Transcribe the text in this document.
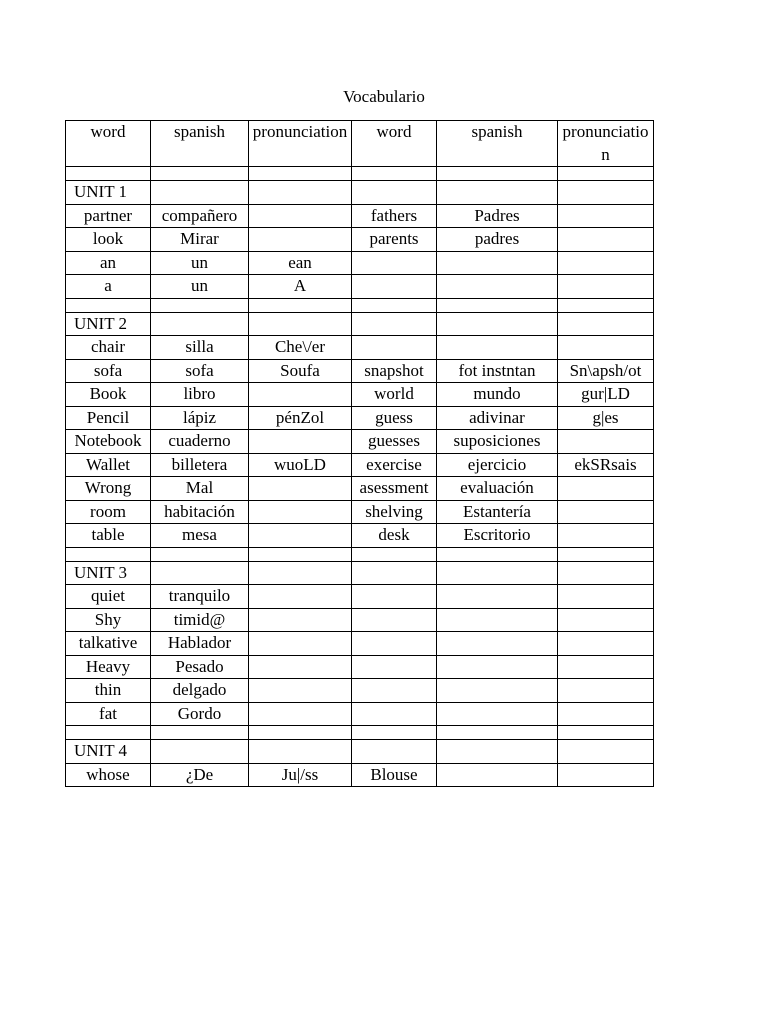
Vocabulario
word	spanish	pronunciation	word	spanish	pronunciation

UNIT 1					
partner	compañero		fathers	Padres	
look	Mirar		parents	padres	
an	un	ean			
a	un	A			

UNIT 2					
chair	silla	Che\/er			
sofa	sofa	Soufa	snapshot	fot instntan	Sn\apsh/ot
Book	libro		world	mundo	gur|LD
Pencil	lápiz	pénZol	guess	adivinar	g|es
Notebook	cuaderno		guesses	suposiciones	
Wallet	billetera	wuoLD	exercise	ejercicio	ekSRsais
Wrong	Mal		asessment	evaluación	
room	habitación		shelving	Estantería	
table	mesa		desk	Escritorio	

UNIT 3					
quiet	tranquilo				
Shy	timid@				
talkative	Hablador				
Heavy	Pesado				
thin	delgado				
fat	Gordo				

UNIT 4					
whose	¿De	Ju|/ss	Blouse		
